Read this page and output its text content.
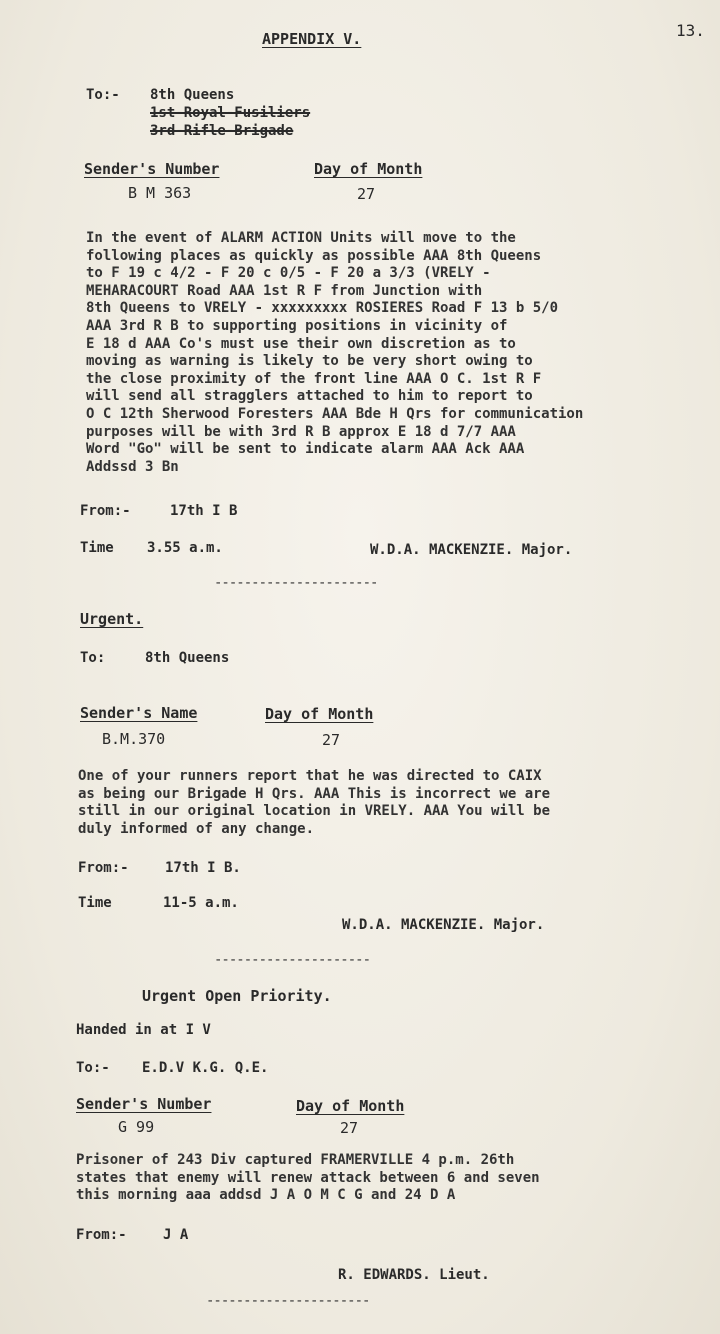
13.
APPENDIX V.
To:- 8th Queens
1st-Royal-Fusiliers
3rd-Rifle-Brigade
Sender's Number	Day of Month
B M 363	27
In the event of ALARM ACTION Units will move to the
following places as quickly as possible AAA 8th Queens
to F 19 c 4/2 - F 20 c 0/5 - F 20 a 3/3 (VRELY -
MEHARACOURT Road AAA 1st R F from Junction with
8th Queens to VRELY - xxxxxxxxx ROSIERES Road F 13 b 5/0
AAA 3rd R B to supporting positions in vicinity of
E 18 d AAA Co's must use their own discretion as to
moving as warning is likely to be very short owing to
the close proximity of the front line AAA O C. 1st R F
will send all stragglers attached to him to report to
O C 12th Sherwood Foresters AAA Bde H Qrs for communication
purposes will be with 3rd R B approx E 18 d 7/7 AAA
Word "Go" will be sent to indicate alarm AAA Ack AAA
Addssd 3 Bn
From:-	17th I B
Time 3.55 a.m.	W.D.A. MACKENZIE. Major.
----------------------
Urgent.
To:	8th Queens
Sender's Name	Day of Month
B.M.370	27
One of your runners report that he was directed to CAIX
as being our Brigade H Qrs. AAA This is incorrect we are
still in our original location in VRELY. AAA You will be
duly informed of any change.
From:-	17th I B.
Time	11-5 a.m.
W.D.A. MACKENZIE. Major.
---------------------
Urgent Open Priority.
Handed in at I V
To:- E.D.V K.G. Q.E.
Sender's Number	Day of Month
G 99	27
Prisoner of 243 Div captured FRAMERVILLE 4 p.m. 26th
states that enemy will renew attack between 6 and seven
this morning aaa addsd J A O M C G and 24 D A
From:-	J A
R. EDWARDS. Lieut.
----------------------
